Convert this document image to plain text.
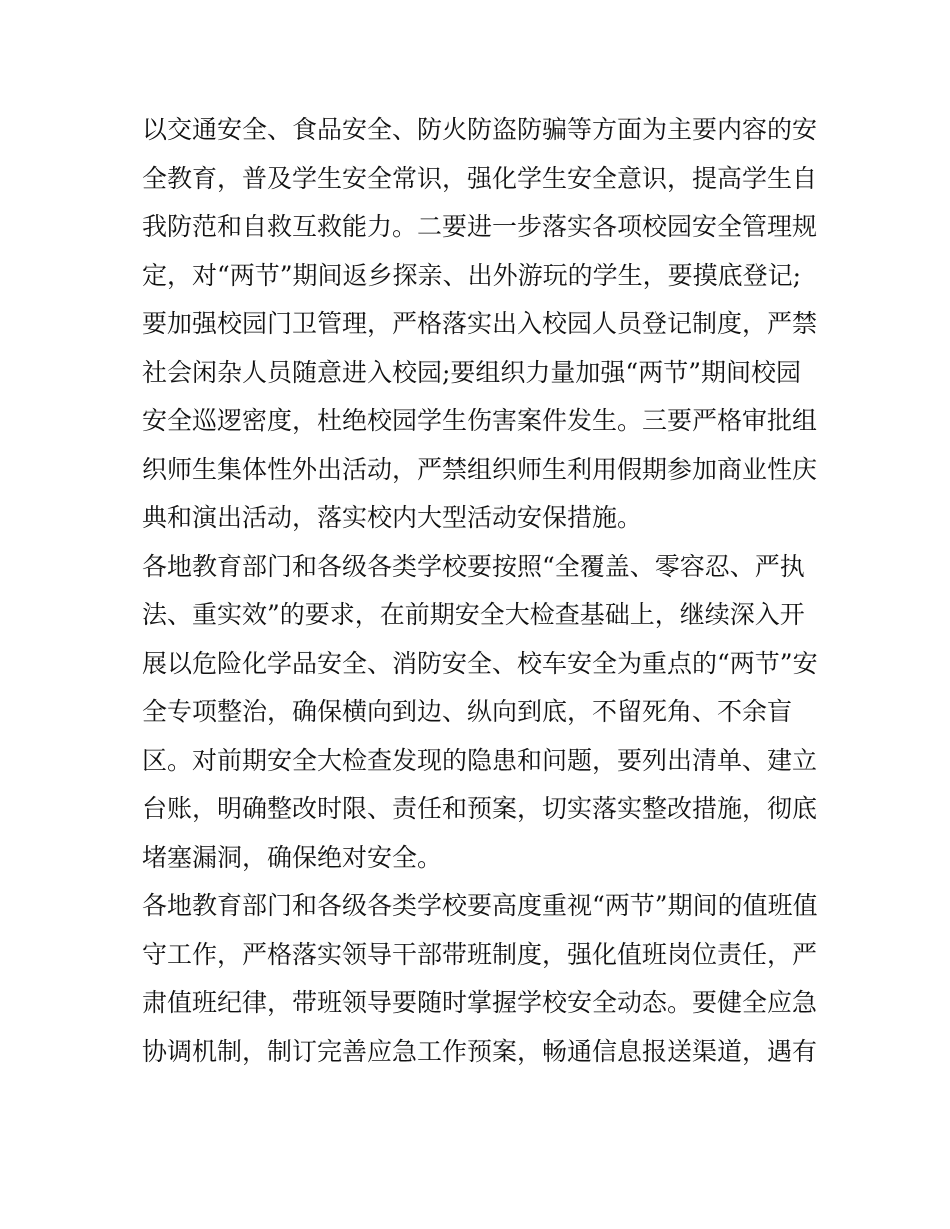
以交通安全、食品安全、防火防盗防骗等方面为主要内容的安
全教育，普及学生安全常识，强化学生安全意识，提高学生自
我防范和自救互救能力。二要进一步落实各项校园安全管理规
定，对“两节”期间返乡探亲、出外游玩的学生，要摸底登记;
要加强校园门卫管理，严格落实出入校园人员登记制度，严禁
社会闲杂人员随意进入校园;要组织力量加强“两节”期间校园
安全巡逻密度，杜绝校园学生伤害案件发生。三要严格审批组
织师生集体性外出活动，严禁组织师生利用假期参加商业性庆
典和演出活动，落实校内大型活动安保措施。
各地教育部门和各级各类学校要按照“全覆盖、零容忍、严执
法、重实效”的要求，在前期安全大检查基础上，继续深入开
展以危险化学品安全、消防安全、校车安全为重点的“两节”安
全专项整治，确保横向到边、纵向到底，不留死角、不余盲
区。对前期安全大检查发现的隐患和问题，要列出清单、建立
台账，明确整改时限、责任和预案，切实落实整改措施，彻底
堵塞漏洞，确保绝对安全。
各地教育部门和各级各类学校要高度重视“两节”期间的值班值
守工作，严格落实领导干部带班制度，强化值班岗位责任，严
肃值班纪律，带班领导要随时掌握学校安全动态。要健全应急
协调机制，制订完善应急工作预案，畅通信息报送渠道，遇有
